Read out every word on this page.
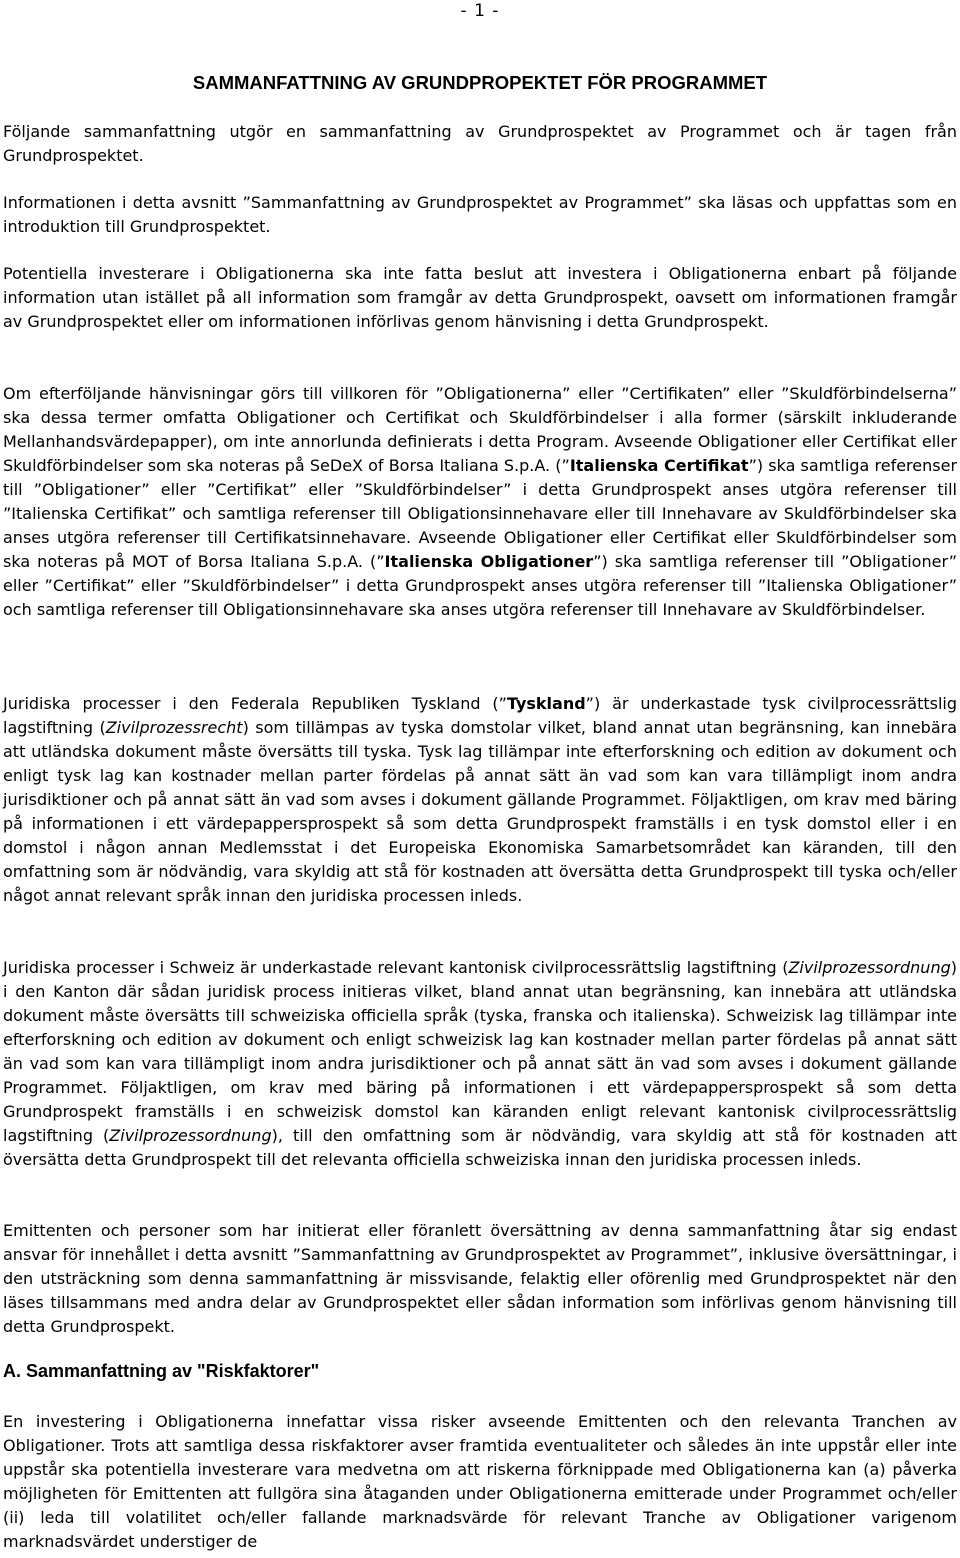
- 1 -
SAMMANFATTNING AV GRUNDPROPEKTET FÖR PROGRAMMET

Följande sammanfattning utgör en sammanfattning av Grundprospektet av Programmet och är tagen från Grundprospektet.

Informationen i detta avsnitt ”Sammanfattning av Grundprospektet av Programmet” ska läsas och uppfattas som en introduktion till Grundprospektet.

Potentiella investerare i Obligationerna ska inte fatta beslut att investera i Obligationerna enbart på följande information utan istället på all information som framgår av detta Grundprospekt, oavsett om informationen framgår av Grundprospektet eller om informationen införlivas genom hänvisning i detta Grundprospekt.

Om efterföljande hänvisningar görs till villkoren för ”Obligationerna” eller ”Certifikaten” eller ”Skuldförbindelserna” ska dessa termer omfatta Obligationer och Certifikat och Skuldförbindelser i alla former (särskilt inkluderande Mellanhandsvärdepapper), om inte annorlunda definierats i detta Program. Avseende Obligationer eller Certifikat eller Skuldförbindelser som ska noteras på SeDeX of Borsa Italiana S.p.A. (”Italienska Certifikat”) ska samtliga referenser till ”Obligationer” eller ”Certifikat” eller ”Skuldförbindelser” i detta Grundprospekt anses utgöra referenser till ”Italienska Certifikat” och samtliga referenser till Obligationsinnehavare eller till Innehavare av Skuldförbindelser ska anses utgöra referenser till Certifikatsinnehavare. Avseende Obligationer eller Certifikat eller Skuldförbindelser som ska noteras på MOT of Borsa Italiana S.p.A. (”Italienska Obligationer”) ska samtliga referenser till ”Obligationer” eller ”Certifikat” eller ”Skuldförbindelser” i detta Grundprospekt anses utgöra referenser till ”Italienska Obligationer” och samtliga referenser till Obligationsinnehavare ska anses utgöra referenser till Innehavare av Skuldförbindelser.

Juridiska processer i den Federala Republiken Tyskland (”Tyskland”) är underkastade tysk civilprocessrättslig lagstiftning (Zivilprozessrecht) som tillämpas av tyska domstolar vilket, bland annat utan begränsning, kan innebära att utländska dokument måste översätts till tyska. Tysk lag tillämpar inte efterforskning och edition av dokument och enligt tysk lag kan kostnader mellan parter fördelas på annat sätt än vad som kan vara tillämpligt inom andra jurisdiktioner och på annat sätt än vad som avses i dokument gällande Programmet. Följaktligen, om krav med bäring på informationen i ett värdepappersprospekt så som detta Grundprospekt framställs i en tysk domstol eller i en domstol i någon annan Medlemsstat i det Europeiska Ekonomiska Samarbetsområdet kan käranden, till den omfattning som är nödvändig, vara skyldig att stå för kostnaden att översätta detta Grundprospekt till tyska och/eller något annat relevant språk innan den juridiska processen inleds.

Juridiska processer i Schweiz är underkastade relevant kantonisk civilprocessrättslig lagstiftning (Zivilprozessordnung) i den Kanton där sådan juridisk process initieras vilket, bland annat utan begränsning, kan innebära att utländska dokument måste översätts till schweiziska officiella språk (tyska, franska och italienska). Schweizisk lag tillämpar inte efterforskning och edition av dokument och enligt schweizisk lag kan kostnader mellan parter fördelas på annat sätt än vad som kan vara tillämpligt inom andra jurisdiktioner och på annat sätt än vad som avses i dokument gällande Programmet. Följaktligen, om krav med bäring på informationen i ett värdepappersprospekt så som detta Grundprospekt framställs i en schweizisk domstol kan käranden enligt relevant kantonisk civilprocessrättslig lagstiftning (Zivilprozessordnung), till den omfattning som är nödvändig, vara skyldig att stå för kostnaden att översätta detta Grundprospekt till det relevanta officiella schweiziska innan den juridiska processen inleds.

Emittenten och personer som har initierat eller föranlett översättning av denna sammanfattning åtar sig endast ansvar för innehållet i detta avsnitt ”Sammanfattning av Grundprospektet av Programmet”, inklusive översättningar, i den utsträckning som denna sammanfattning är missvisande, felaktig eller oförenlig med Grundprospektet när den läses tillsammans med andra delar av Grundprospektet eller sådan information som införlivas genom hänvisning till detta Grundprospekt.

A. Sammanfattning av "Riskfaktorer"

En investering i Obligationerna innefattar vissa risker avseende Emittenten och den relevanta Tranchen av Obligationer. Trots att samtliga dessa riskfaktorer avser framtida eventualiteter och således än inte uppstår eller inte uppstår ska potentiella investerare vara medvetna om att riskerna förknippade med Obligationerna kan (a) påverka möjligheten för Emittenten att fullgöra sina åtaganden under Obligationerna emitterade under Programmet och/eller (ii) leda till volatilitet och/eller fallande marknadsvärde för relevant Tranche av Obligationer varigenom marknadsvärdet understiger de
